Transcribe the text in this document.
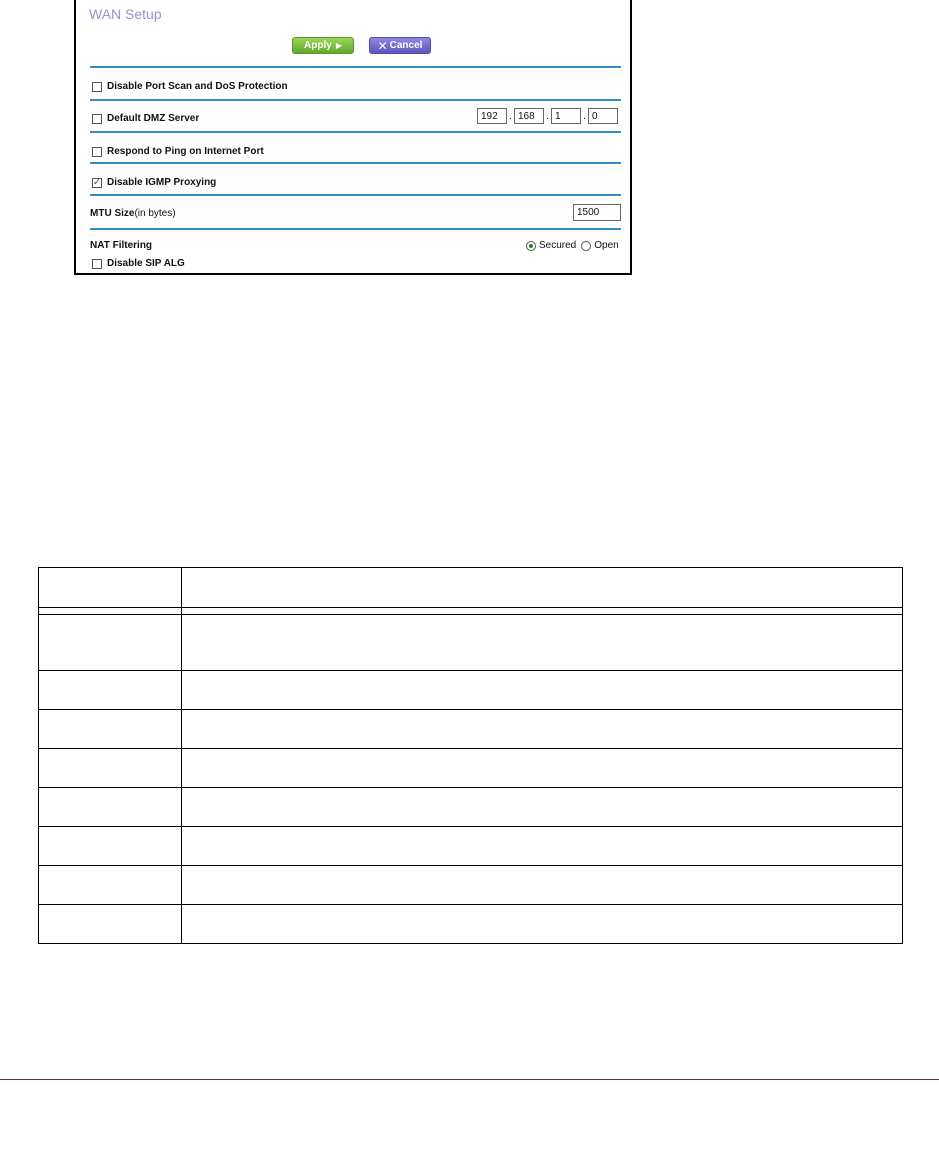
WAN Setup
Apply ▶	✕ Cancel
Disable Port Scan and DoS Protection
Default DMZ Server	192	. 168	. 1	. 0
Respond to Ping on Internet Port
✓ Disable IGMP Proxying
MTU Size (in bytes)	1500
NAT Filtering	Secured Open
Disable SIP ALG
